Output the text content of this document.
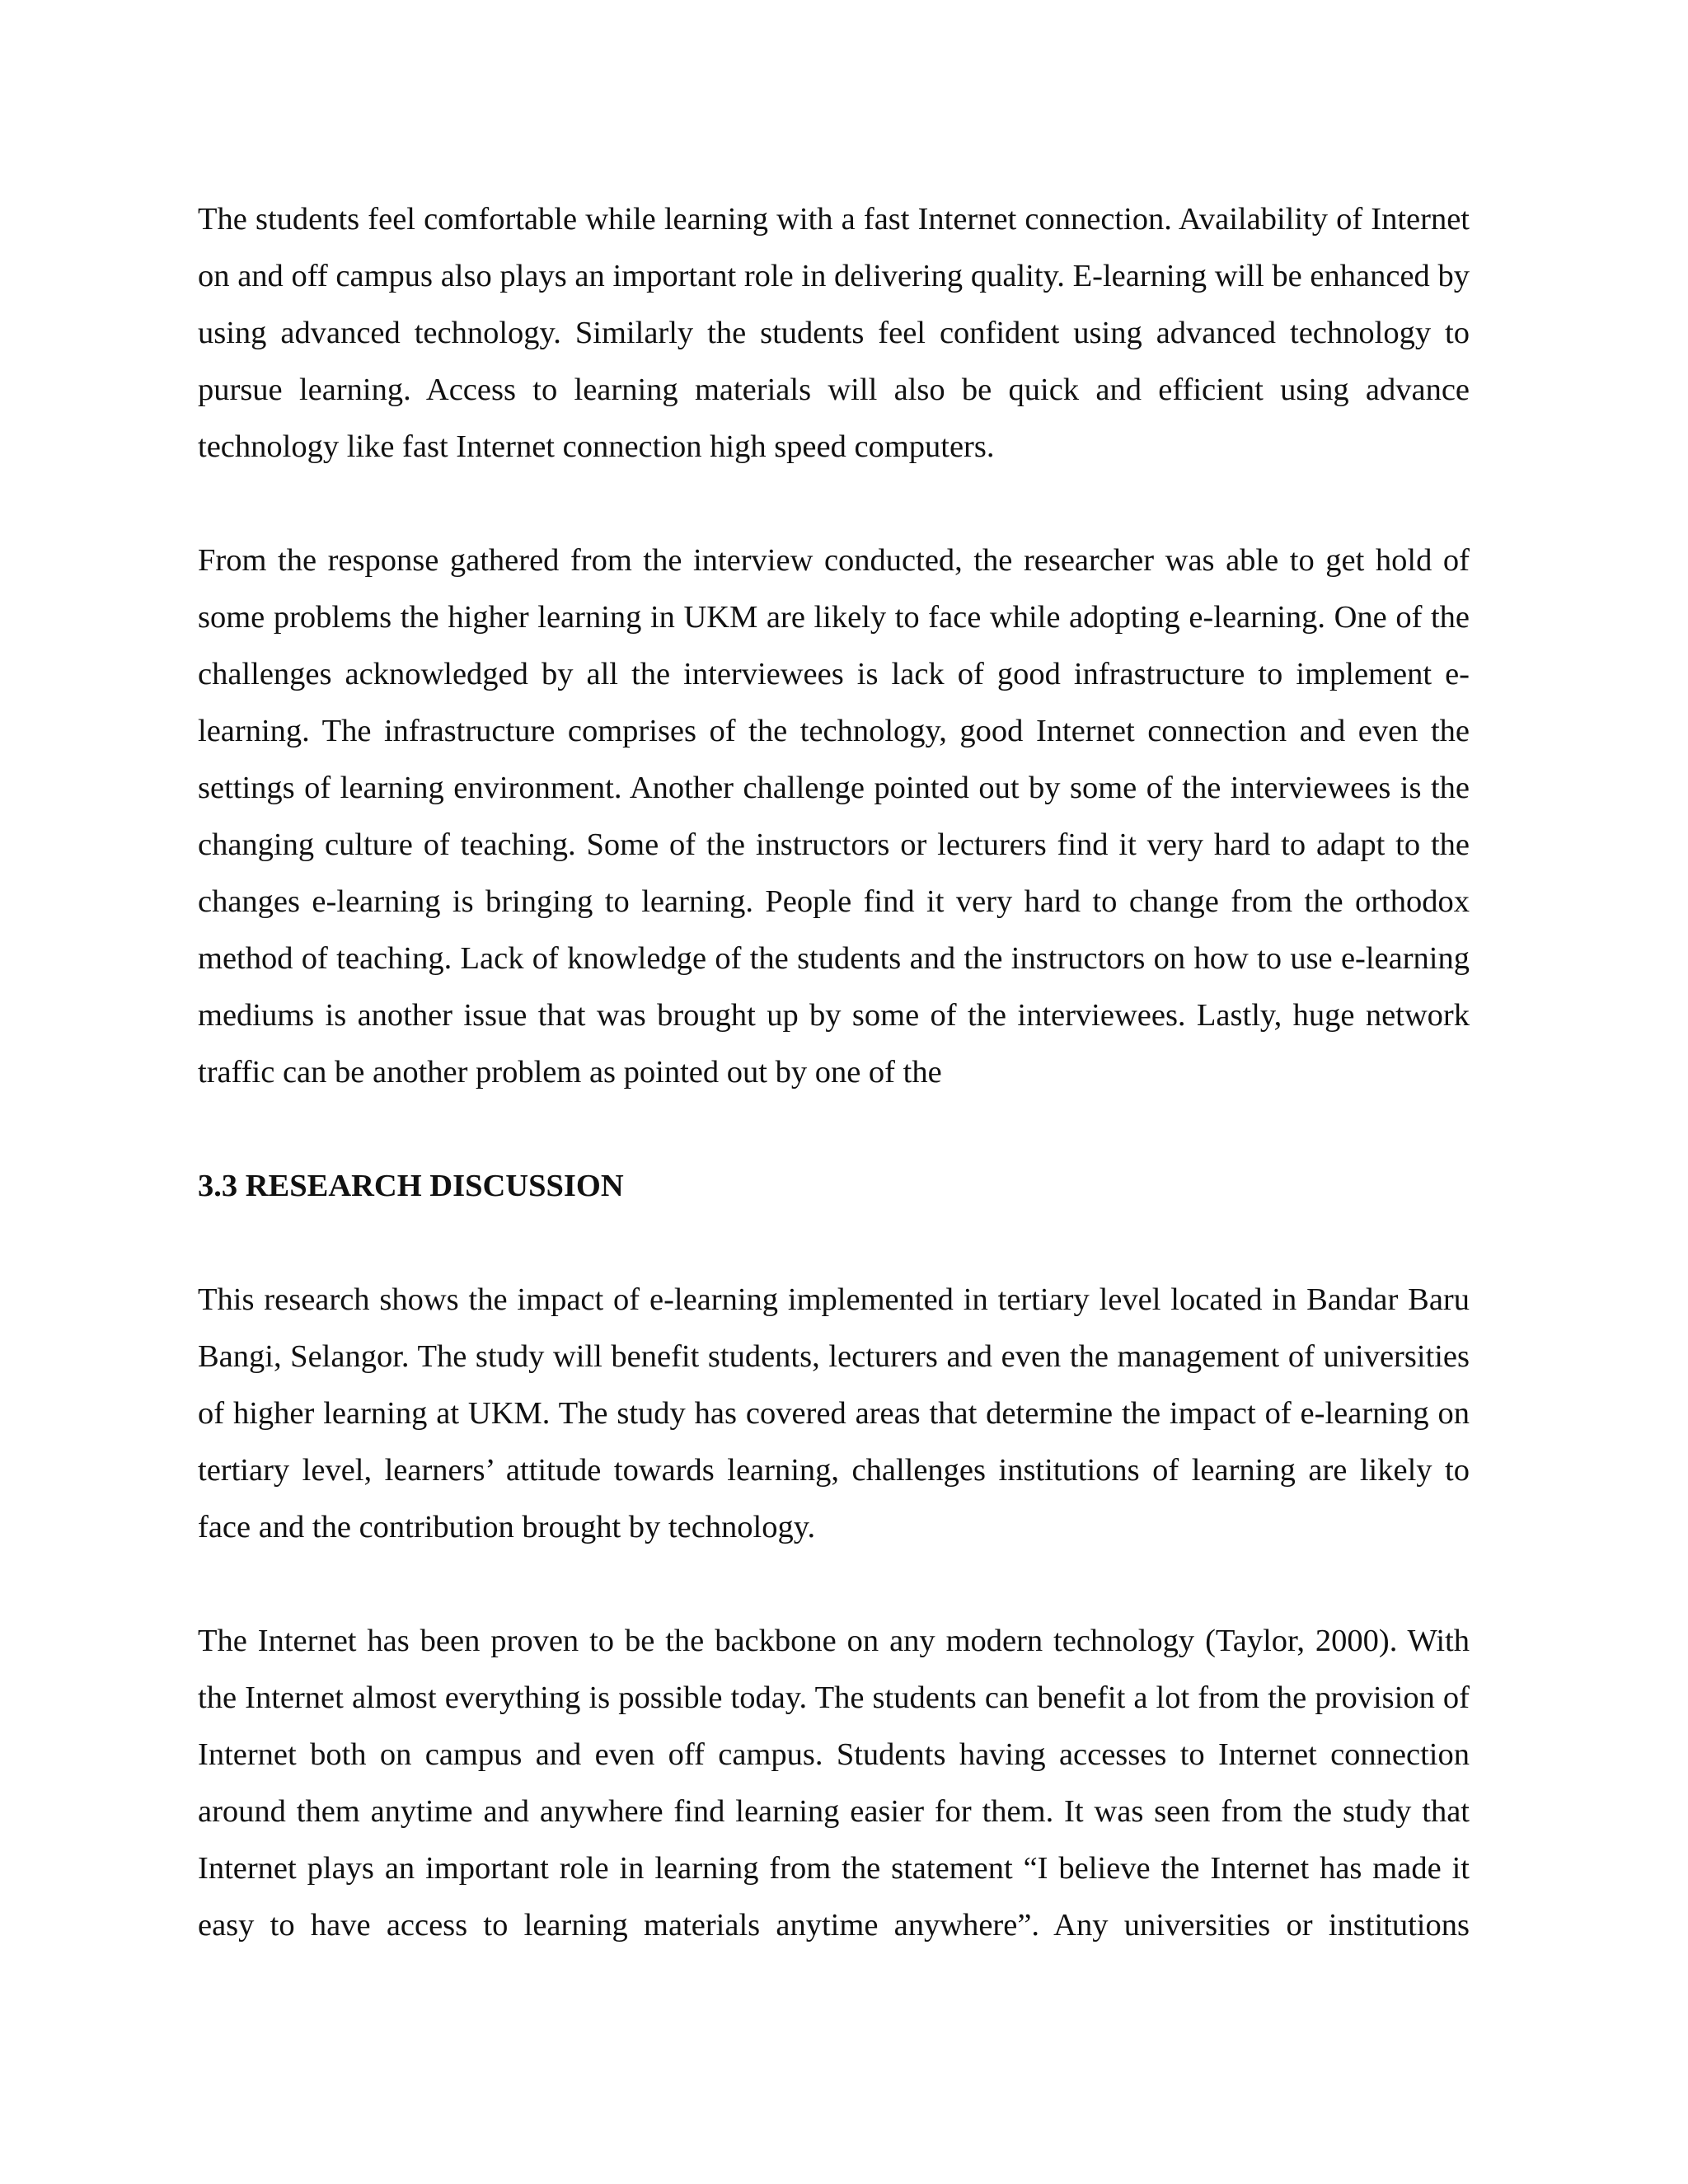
The students feel comfortable while learning with a fast Internet connection. Availability of Internet on and off campus also plays an important role in delivering quality. E-learning will be enhanced by using advanced technology. Similarly the students feel confident using advanced technology to pursue learning. Access to learning materials will also be quick and efficient using advance technology like fast Internet connection high speed computers.

From the response gathered from the interview conducted, the researcher was able to get hold of some problems the higher learning in UKM are likely to face while adopting e-learning. One of the challenges acknowledged by all the interviewees is lack of good infrastructure to implement e-learning. The infrastructure comprises of the technology, good Internet connection and even the settings of learning environment. Another challenge pointed out by some of the interviewees is the changing culture of teaching. Some of the instructors or lecturers find it very hard to adapt to the changes e-learning is bringing to learning. People find it very hard to change from the orthodox method of teaching. Lack of knowledge of the students and the instructors on how to use e-learning mediums is another issue that was brought up by some of the interviewees. Lastly, huge network traffic can be another problem as pointed out by one of the

3.3 RESEARCH DISCUSSION

This research shows the impact of e-learning implemented in tertiary level located in Bandar Baru Bangi, Selangor. The study will benefit students, lecturers and even the management of universities of higher learning at UKM. The study has covered areas that determine the impact of e-learning on tertiary level, learners’ attitude towards learning, challenges institutions of learning are likely to face and the contribution brought by technology.

The Internet has been proven to be the backbone on any modern technology (Taylor, 2000). With the Internet almost everything is possible today. The students can benefit a lot from the provision of Internet both on campus and even off campus. Students having accesses to Internet connection around them anytime and anywhere find learning easier for them. It was seen from the study that Internet plays an important role in learning from the statement “I believe the Internet has made it easy to have access to learning materials anytime anywhere”. Any universities or institutions
